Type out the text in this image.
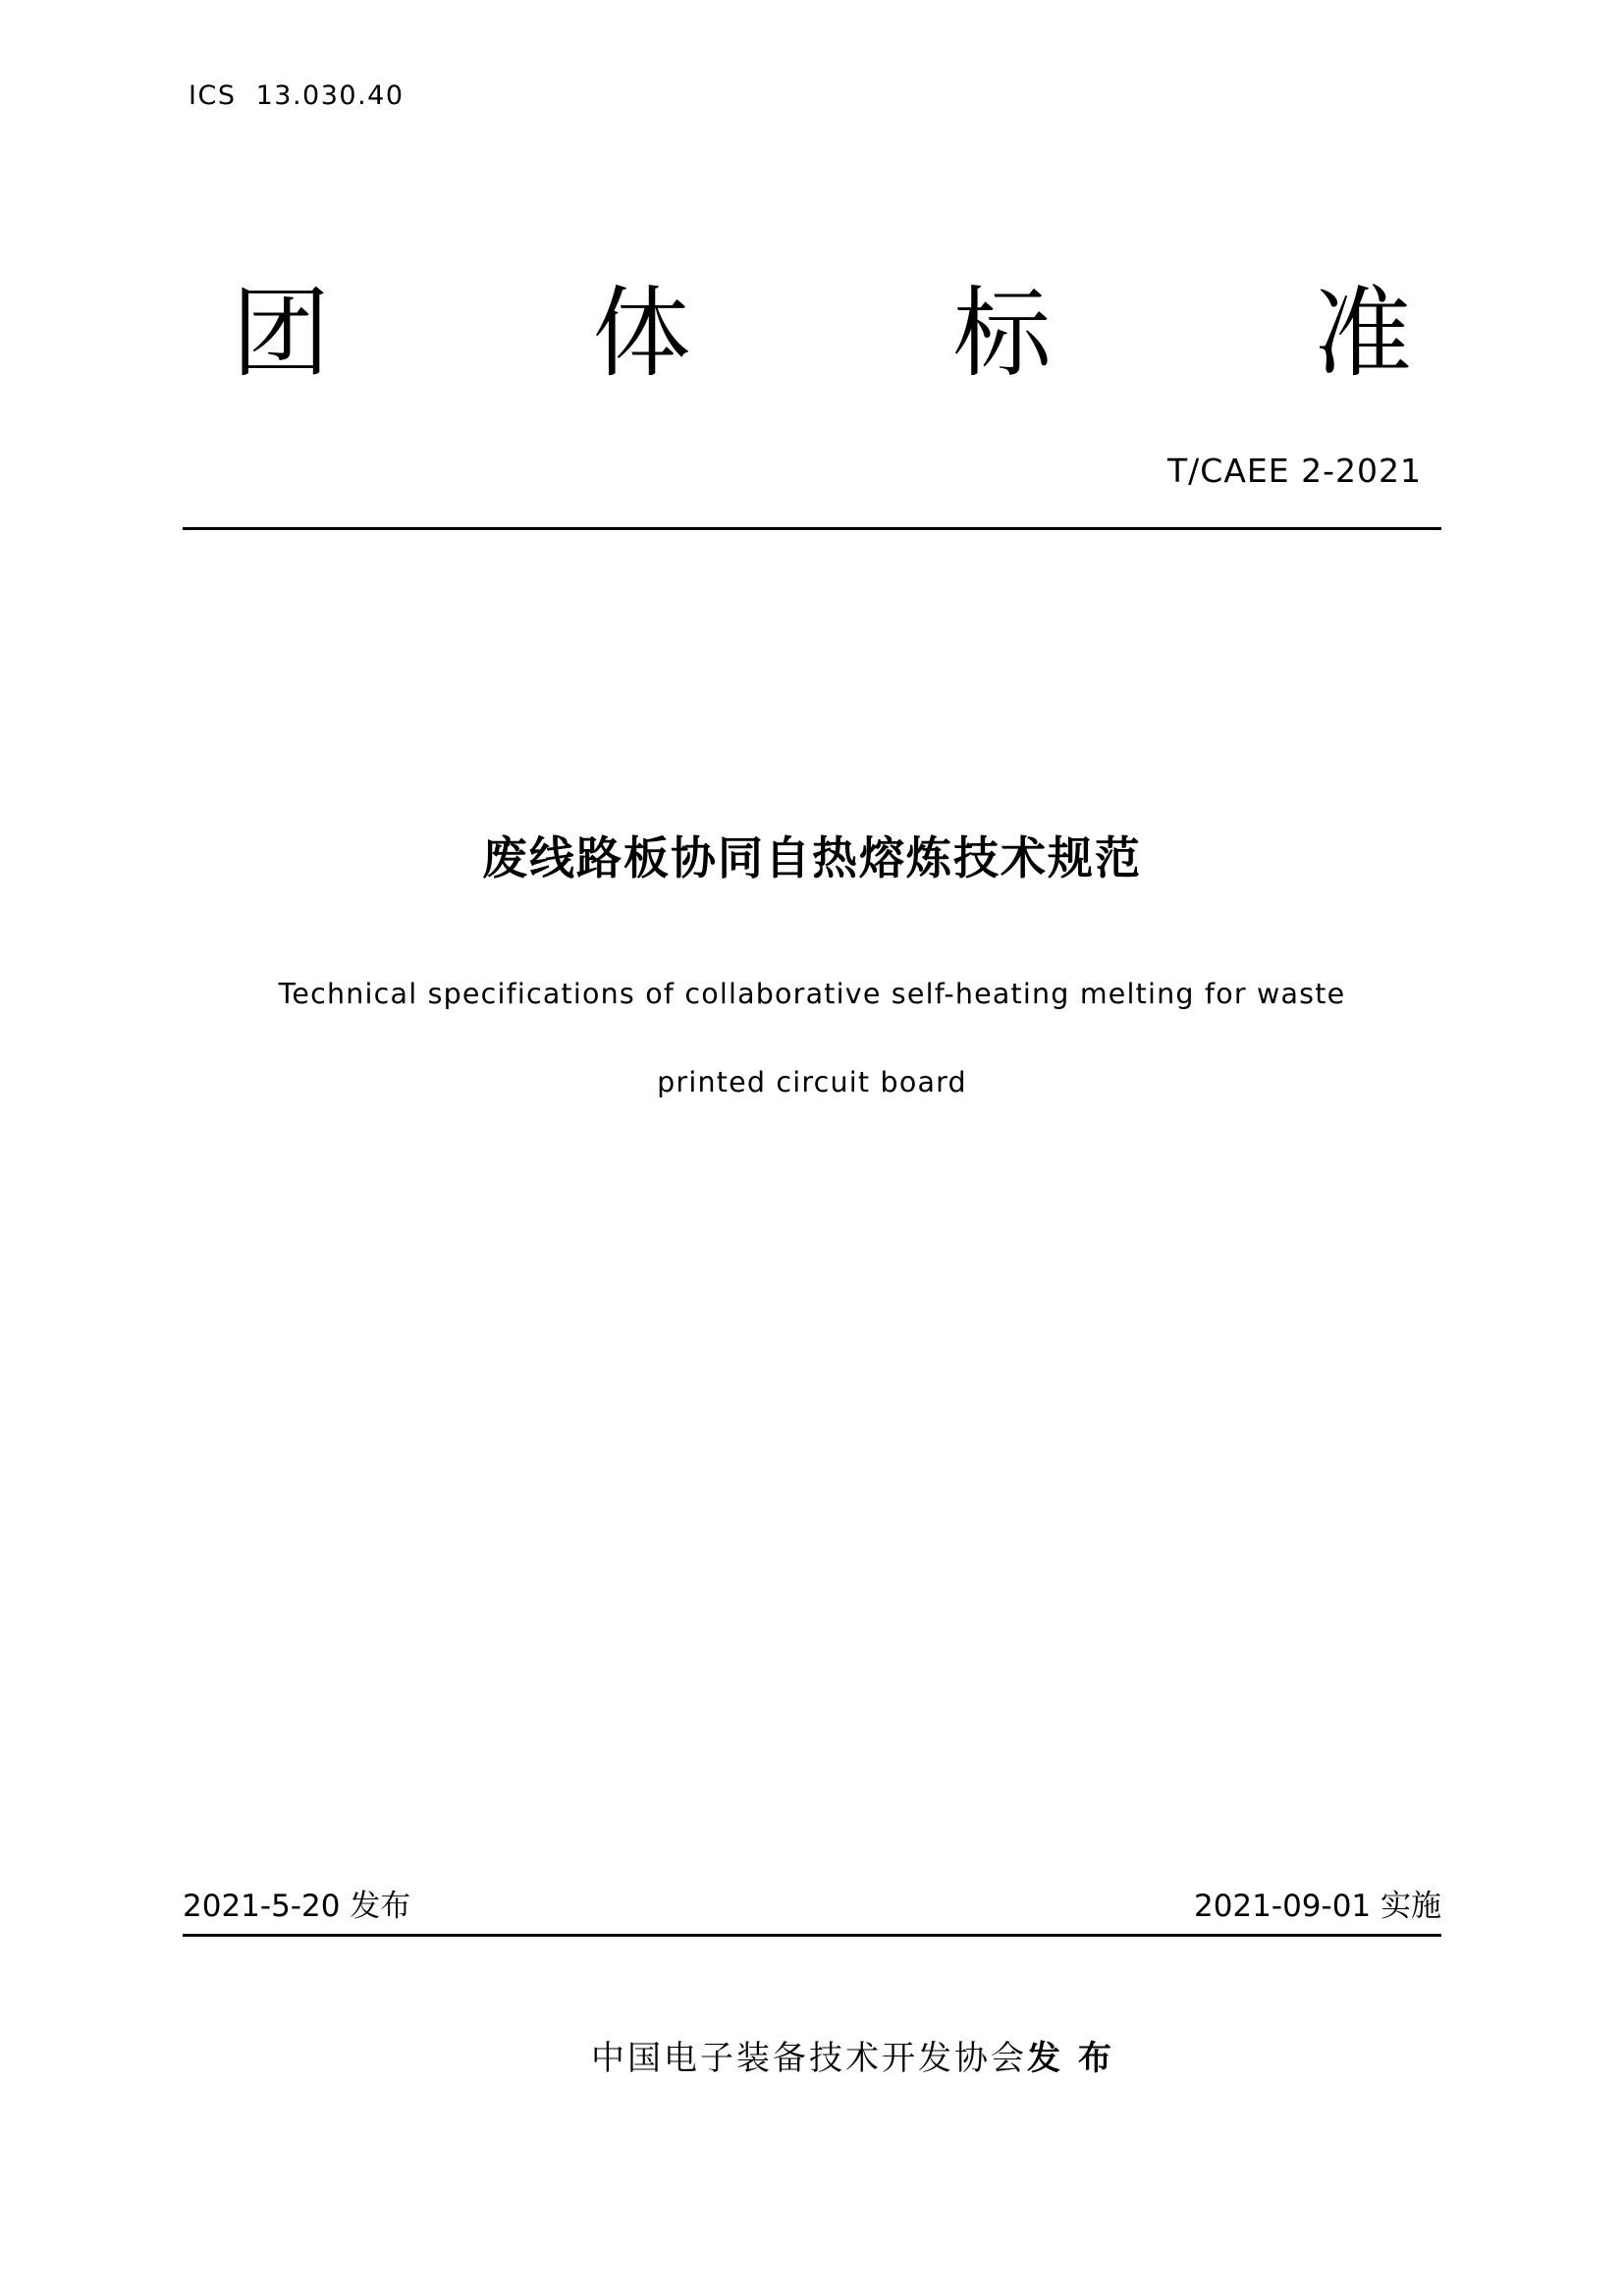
ICS  13.030.40
团	体	标	准
T/CAEE 2-2021
废线路板协同自热熔炼技术规范
Technical specifications of collaborative self-heating melting for waste
printed circuit board
2021-5-20 发布	2021-09-01 实施

中国电子装备技术开发协会发 布
